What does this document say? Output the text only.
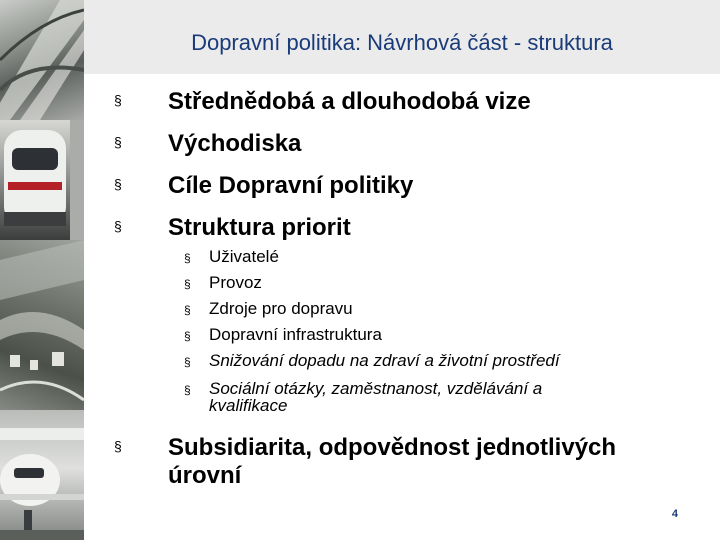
Dopravní politika: Návrhová část - struktura
§ Střednědobá a dlouhodobá vize
§ Východiska
§ Cíle Dopravní politiky
§ Struktura priorit
§ Uživatelé
§ Provoz
§ Zdroje pro dopravu
§ Dopravní infrastruktura
§ Snižování dopadu na zdraví a životní prostředí
§ Sociální otázky, zaměstnanost, vzdělávání a kvalifikace
§ Subsidiarita, odpovědnost jednotlivých úrovní
4
